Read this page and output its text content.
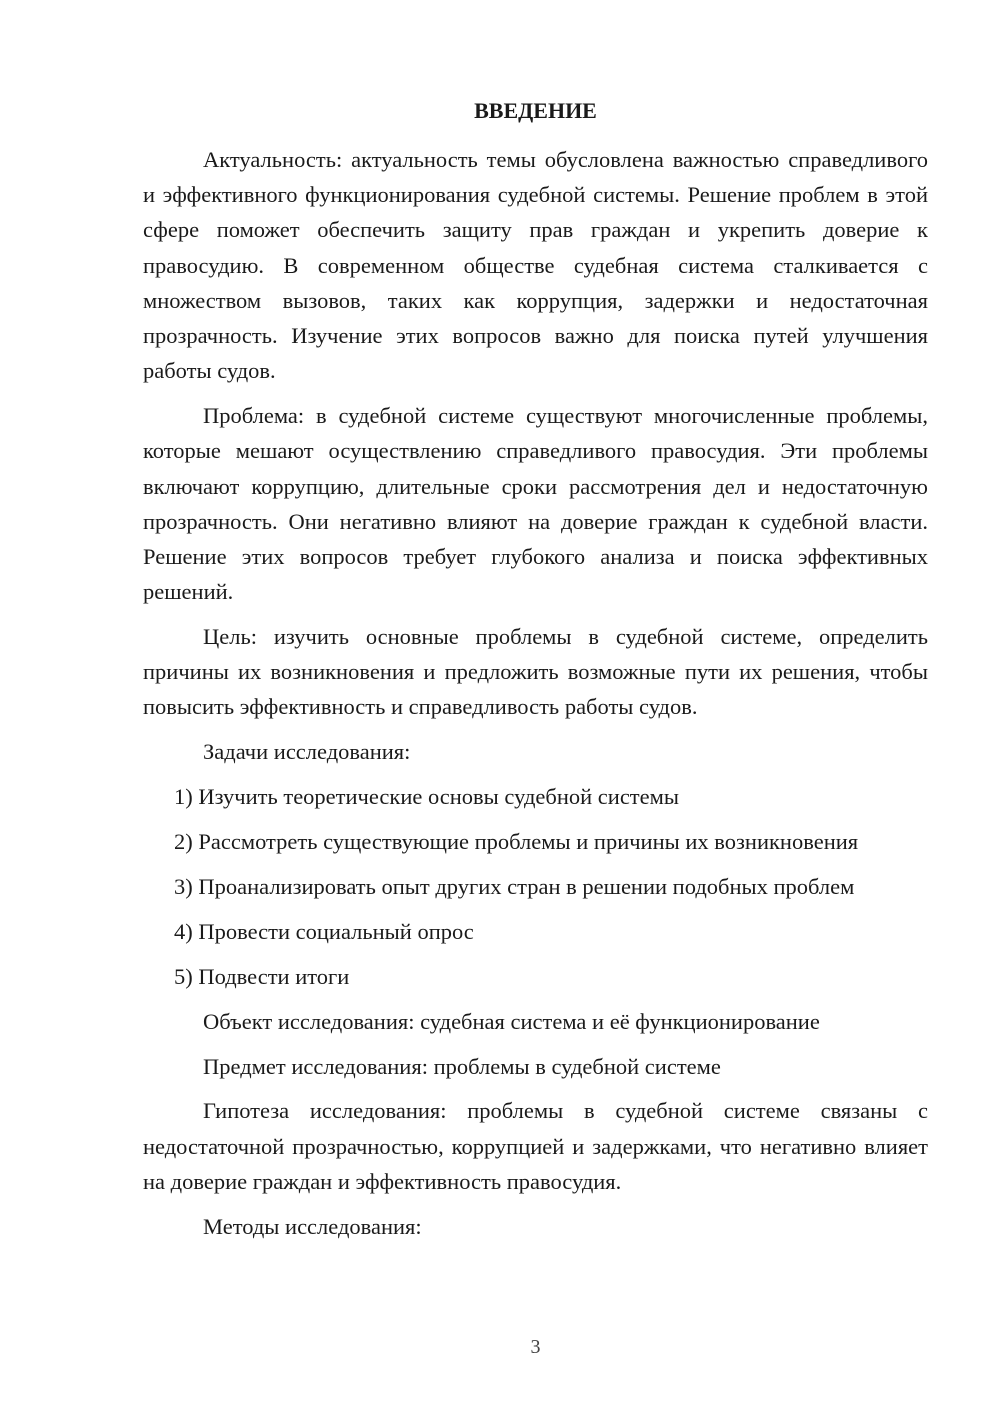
ВВЕДЕНИЕ

Актуальность: актуальность темы обусловлена важностью справедливого и эффективного функционирования судебной системы. Решение проблем в этой сфере поможет обеспечить защиту прав граждан и укрепить доверие к правосудию. В современном обществе судебная система сталкивается с множеством вызовов, таких как коррупция, задержки и недостаточная прозрачность. Изучение этих вопросов важно для поиска путей улучшения работы судов.

Проблема: в судебной системе существуют многочисленные проблемы, которые мешают осуществлению справедливого правосудия. Эти проблемы включают коррупцию, длительные сроки рассмотрения дел и недостаточную прозрачность. Они негативно влияют на доверие граждан к судебной власти. Решение этих вопросов требует глубокого анализа и поиска эффективных решений.

Цель: изучить основные проблемы в судебной системе, определить причины их возникновения и предложить возможные пути их решения, чтобы повысить эффективность и справедливость работы судов.

Задачи исследования:

1) Изучить теоретические основы судебной системы

2) Рассмотреть существующие проблемы и причины их возникновения

3) Проанализировать опыт других стран в решении подобных проблем

4) Провести социальный опрос

5) Подвести итоги

Объект исследования: судебная система и её функционирование

Предмет исследования: проблемы в судебной системе

Гипотеза исследования: проблемы в судебной системе связаны с недостаточной прозрачностью, коррупцией и задержками, что негативно влияет на доверие граждан и эффективность правосудия.

Методы исследования:

3
